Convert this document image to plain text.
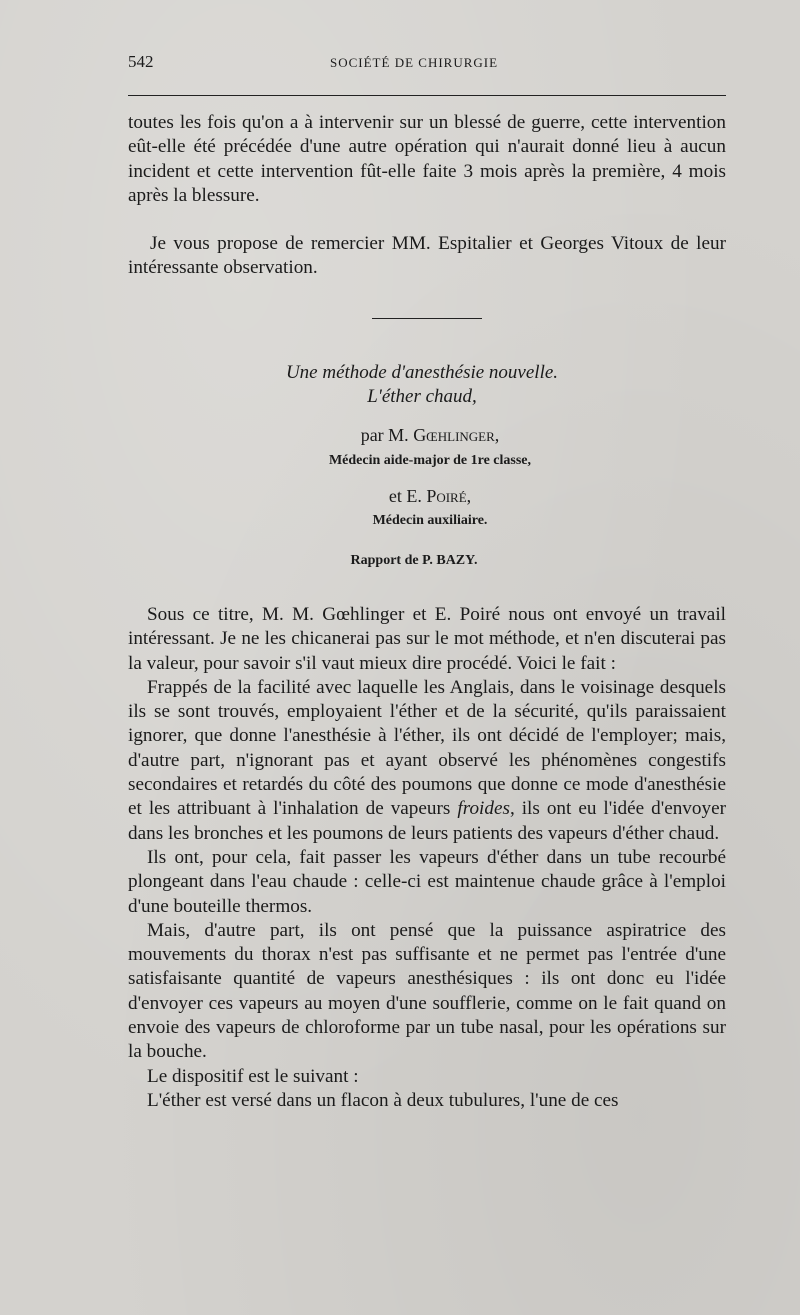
542	SOCIÉTÉ DE CHIRURGIE

toutes les fois qu'on a à intervenir sur un blessé de guerre, cette intervention eût-elle été précédée d'une autre opération qui n'aurait donné lieu à aucun incident et cette intervention fût-elle faite 3 mois après la première, 4 mois après la blessure.

Je vous propose de remercier MM. Espitalier et Georges Vitoux de leur intéressante observation.

Une méthode d'anesthésie nouvelle.
L'éther chaud,
par M. Gœhlinger,
Médecin aide-major de 1re classe,
et E. Poiré,
Médecin auxiliaire.
Rapport de P. BAZY.

Sous ce titre, M. M. Gœhlinger et E. Poiré nous ont envoyé un travail intéressant. Je ne les chicanerai pas sur le mot méthode, et n'en discuterai pas la valeur, pour savoir s'il vaut mieux dire procédé. Voici le fait :

Frappés de la facilité avec laquelle les Anglais, dans le voisinage desquels ils se sont trouvés, employaient l'éther et de la sécurité, qu'ils paraissaient ignorer, que donne l'anesthésie à l'éther, ils ont décidé de l'employer; mais, d'autre part, n'ignorant pas et ayant observé les phénomènes congestifs secondaires et retardés du côté des poumons que donne ce mode d'anesthésie et les attribuant à l'inhalation de vapeurs froides, ils ont eu l'idée d'envoyer dans les bronches et les poumons de leurs patients des vapeurs d'éther chaud.

Ils ont, pour cela, fait passer les vapeurs d'éther dans un tube recourbé plongeant dans l'eau chaude : celle-ci est maintenue chaude grâce à l'emploi d'une bouteille thermos.

Mais, d'autre part, ils ont pensé que la puissance aspiratrice des mouvements du thorax n'est pas suffisante et ne permet pas l'entrée d'une satisfaisante quantité de vapeurs anesthésiques : ils ont donc eu l'idée d'envoyer ces vapeurs au moyen d'une soufflerie, comme on le fait quand on envoie des vapeurs de chloroforme par un tube nasal, pour les opérations sur la bouche.

Le dispositif est le suivant :

L'éther est versé dans un flacon à deux tubulures, l'une de ces
